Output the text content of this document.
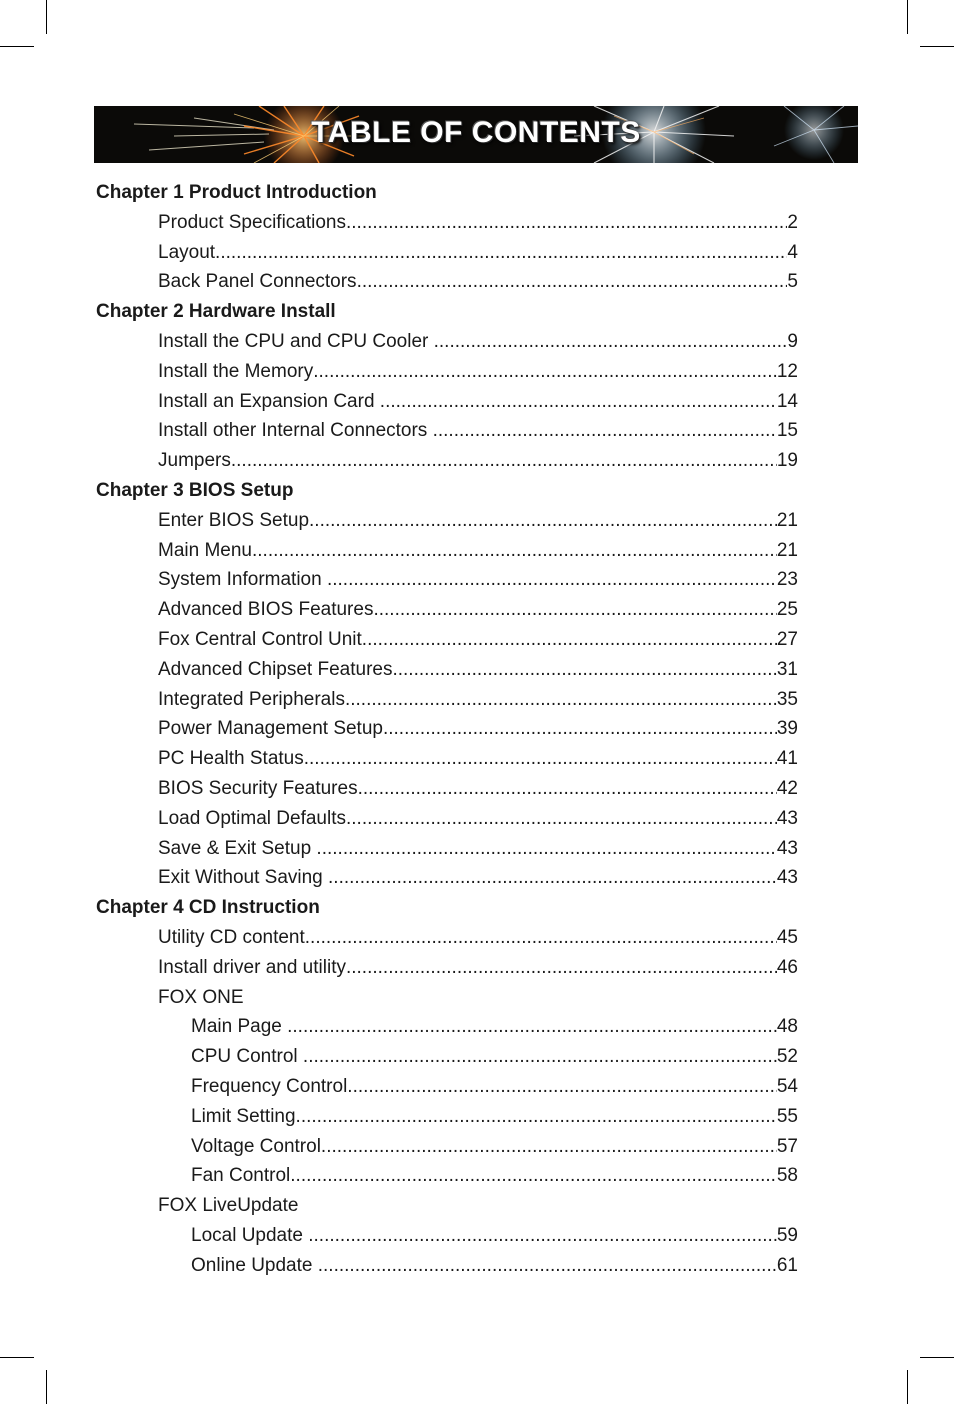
TABLE OF CONTENTS
Chapter 1 Product Introduction
Product Specifications .....	2
Layout .....	4
Back Panel Connectors .....	5
Chapter 2 Hardware Install
Install the CPU and CPU Cooler .....	9
Install the Memory .....	12
Install an Expansion Card .....	14
Install other Internal Connectors .....	15
Jumpers .....	19
Chapter 3 BIOS Setup
Enter BIOS Setup .....	21
Main Menu .....	21
System Information .....	23
Advanced BIOS Features .....	25
Fox Central Control Unit .....	27
Advanced Chipset Features .....	31
Integrated Peripherals .....	35
Power Management Setup .....	39
PC Health Status .....	41
BIOS Security Features .....	42
Load Optimal Defaults .....	43
Save & Exit Setup .....	43
Exit Without Saving .....	43
Chapter 4 CD Instruction
Utility CD content .....	45
Install driver and utility .....	46
FOX ONE
Main Page .....	48
CPU Control .....	52
Frequency Control .....	54
Limit Setting .....	55
Voltage Control .....	57
Fan Control .....	58
FOX LiveUpdate
Local Update .....	59
Online Update .....	61
